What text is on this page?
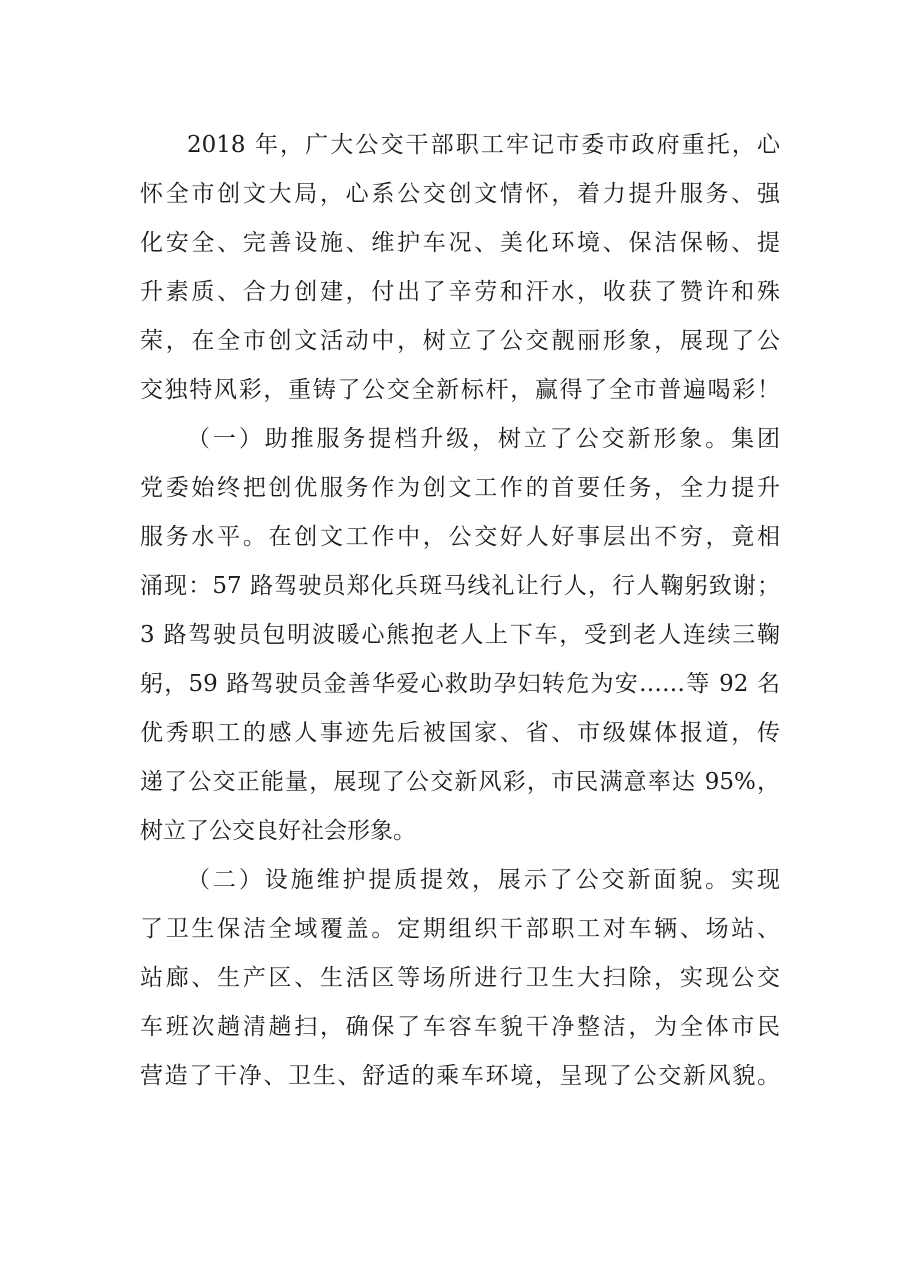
2018 年，广大公交干部职工牢记市委市政府重托，心
怀全市创文大局，心系公交创文情怀，着力提升服务、强
化安全、完善设施、维护车况、美化环境、保洁保畅、提
升素质、合力创建，付出了辛劳和汗水，收获了赞许和殊
荣，在全市创文活动中，树立了公交靓丽形象，展现了公
交独特风彩，重铸了公交全新标杆，赢得了全市普遍喝彩！
（一）助推服务提档升级，树立了公交新形象。集团
党委始终把创优服务作为创文工作的首要任务，全力提升
服务水平。在创文工作中，公交好人好事层出不穷，竟相
涌现：57 路驾驶员郑化兵斑马线礼让行人，行人鞠躬致谢；
3 路驾驶员包明波暖心熊抱老人上下车，受到老人连续三鞠
躬，59 路驾驶员金善华爱心救助孕妇转危为安……等 92 名
优秀职工的感人事迹先后被国家、省、市级媒体报道，传
递了公交正能量，展现了公交新风彩，市民满意率达 95%，
树立了公交良好社会形象。
（二）设施维护提质提效，展示了公交新面貌。实现
了卫生保洁全域覆盖。定期组织干部职工对车辆、场站、
站廊、生产区、生活区等场所进行卫生大扫除，实现公交
车班次趟清趟扫，确保了车容车貌干净整洁，为全体市民
营造了干净、卫生、舒适的乘车环境，呈现了公交新风貌。
